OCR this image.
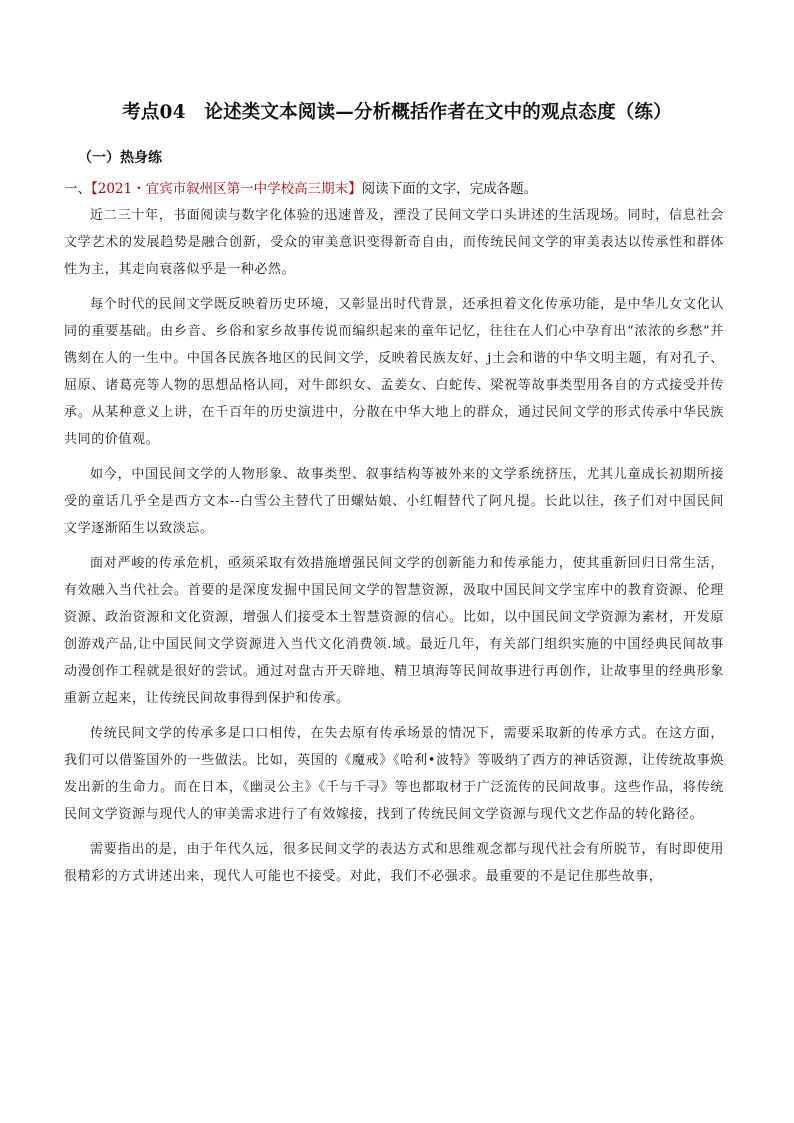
考点04　论述类文本阅读—分析概括作者在文中的观点态度（练）
（一）热身练
一、【2021・宜宾市叙州区第一中学校高三期末】阅读下面的文字，完成各题。

近二三十年，书面阅读与数字化体验的迅速普及，湮没了民间文学口头讲述的生活现场。同时，信息社会文学艺术的发展趋势是融合创新，受众的审美意识变得新奇自由，而传统民间文学的审美表达以传承性和群体性为主，其走向衰落似乎是一种必然。

每个时代的民间文学既反映着历史环境，又彰显出时代背景，还承担着文化传承功能，是中华儿女文化认同的重要基础。由乡音、乡俗和家乡故事传说而编织起来的童年记忆，往往在人们心中孕育出“浓浓的乡愁”并镌刻在人的一生中。中国各民族各地区的民间文学，反映着民族友好、j土会和谐的中华文明主题，有对孔子、屈原、诸葛亮等人物的思想品格认同，对牛郎织女、孟姜女、白蛇传、梁祝等故事类型用各自的方式接受并传承。从某种意义上讲，在千百年的历史演进中，分散在中华大地上的群众，通过民间文学的形式传承中华民族共同的价值观。

如今，中国民间文学的人物形象、故事类型、叙事结构等被外来的文学系统挤压，尤其儿童成长初期所接受的童话几乎全是西方文本--白雪公主替代了田螺姑娘、小红帽替代了阿凡提。长此以往，孩子们对中国民间文学逐渐陌生以致淡忘。

面对严峻的传承危机，亟须采取有效措施增强民间文学的创新能力和传承能力，使其重新回归日常生活，有效融入当代社会。首要的是深度发掘中国民间文学的智慧资源，汲取中国民间文学宝库中的教育资源、伦理资源、政治资源和文化资源，增强人们接受本土智慧资源的信心。比如，以中国民间文学资源为素材，开发原创游戏产品,让中国民间文学资源进入当代文化消费领.域。最近几年，有关部门组织实施的中国经典民间故事动漫创作工程就是很好的尝试。通过对盘古开天辟地、精卫填海等民间故事进行再创作，让故事里的经典形象重新立起来，让传统民间故事得到保护和传承。

传统民间文学的传承多是口口相传，在失去原有传承场景的情况下，需要采取新的传承方式。在这方面，我们可以借鉴国外的一些做法。比如，英国的《魔戒》《哈利•波特》等吸纳了西方的神话资源，让传统故事焕发出新的生命力。而在日本，《幽灵公主》《千与千寻》等也都取材于广泛流传的民间故事。这些作品，将传统民间文学资源与现代人的审美需求进行了有效嫁接，找到了传统民间文学资源与现代文艺作品的转化路径。

需要指出的是，由于年代久远，很多民间文学的表达方式和思维观念都与现代社会有所脱节，有时即使用很精彩的方式讲述出来，现代人可能也不接受。对此，我们不必强求。最重要的不是记住那些故事，
